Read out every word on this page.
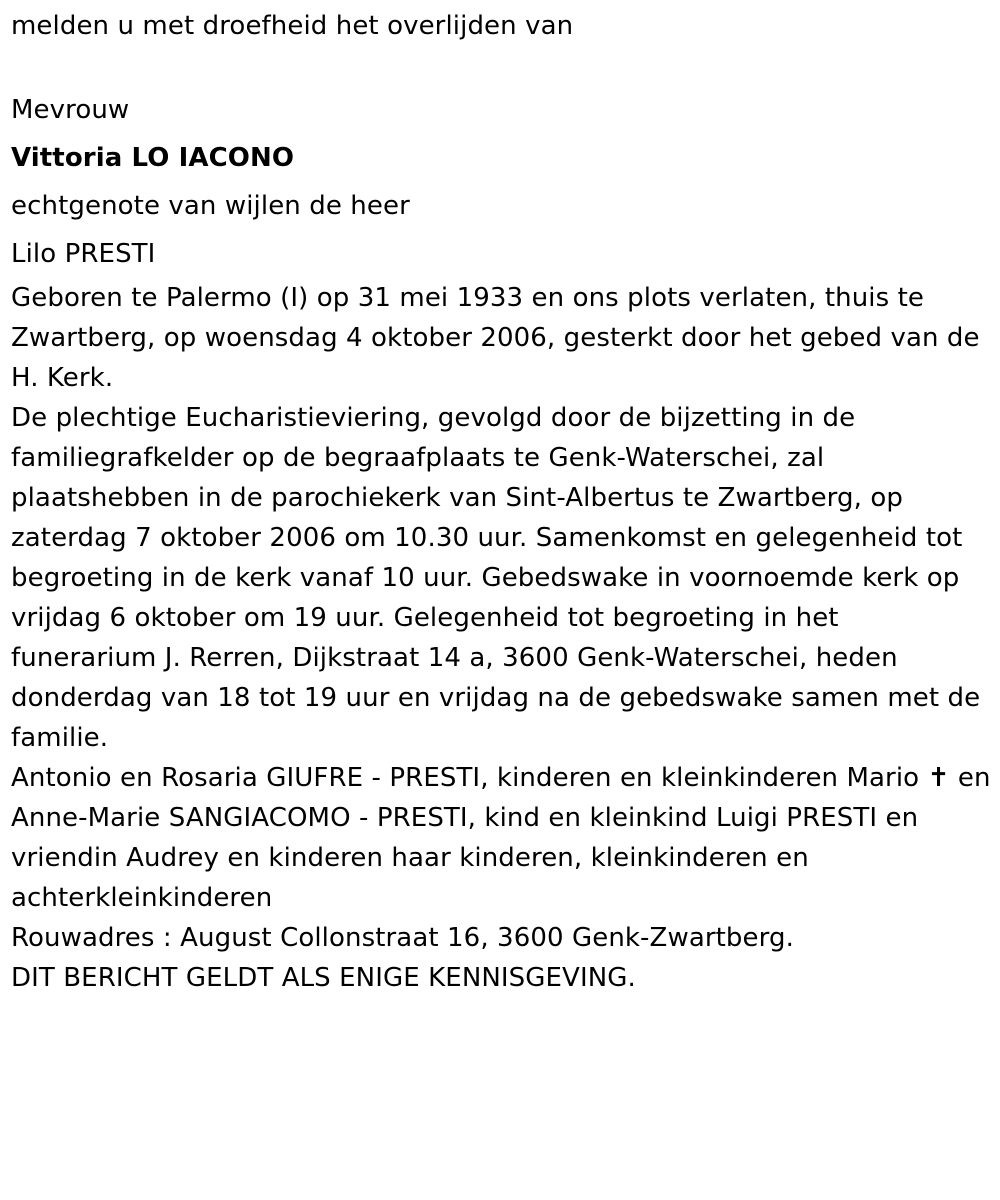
melden u met droefheid het overlijden van

Mevrouw

Vittoria LO IACONO

echtgenote van wijlen de heer

Lilo PRESTI

Geboren te Palermo (I) op 31 mei 1933 en ons plots verlaten, thuis te Zwartberg, op woensdag 4 oktober 2006, gesterkt door het gebed van de H. Kerk.

De plechtige Eucharistieviering, gevolgd door de bijzetting in de familiegrafkelder op de begraafplaats te Genk-Waterschei, zal plaatshebben in de parochiekerk van Sint-Albertus te Zwartberg, op zaterdag 7 oktober 2006 om 10.30 uur. Samenkomst en gelegenheid tot begroeting in de kerk vanaf 10 uur. Gebedswake in voornoemde kerk op vrijdag 6 oktober om 19 uur. Gelegenheid tot begroeting in het funerarium J. Rerren, Dijkstraat 14 a, 3600 Genk-Waterschei, heden donderdag van 18 tot 19 uur en vrijdag na de gebedswake samen met de familie.

Antonio en Rosaria GIUFRE - PRESTI, kinderen en kleinkinderen Mario ✝ en Anne-Marie SANGIACOMO - PRESTI, kind en kleinkind Luigi PRESTI en vriendin Audrey en kinderen haar kinderen, kleinkinderen en achterkleinkinderen

Rouwadres : August Collonstraat 16, 3600 Genk-Zwartberg.

DIT BERICHT GELDT ALS ENIGE KENNISGEVING.
